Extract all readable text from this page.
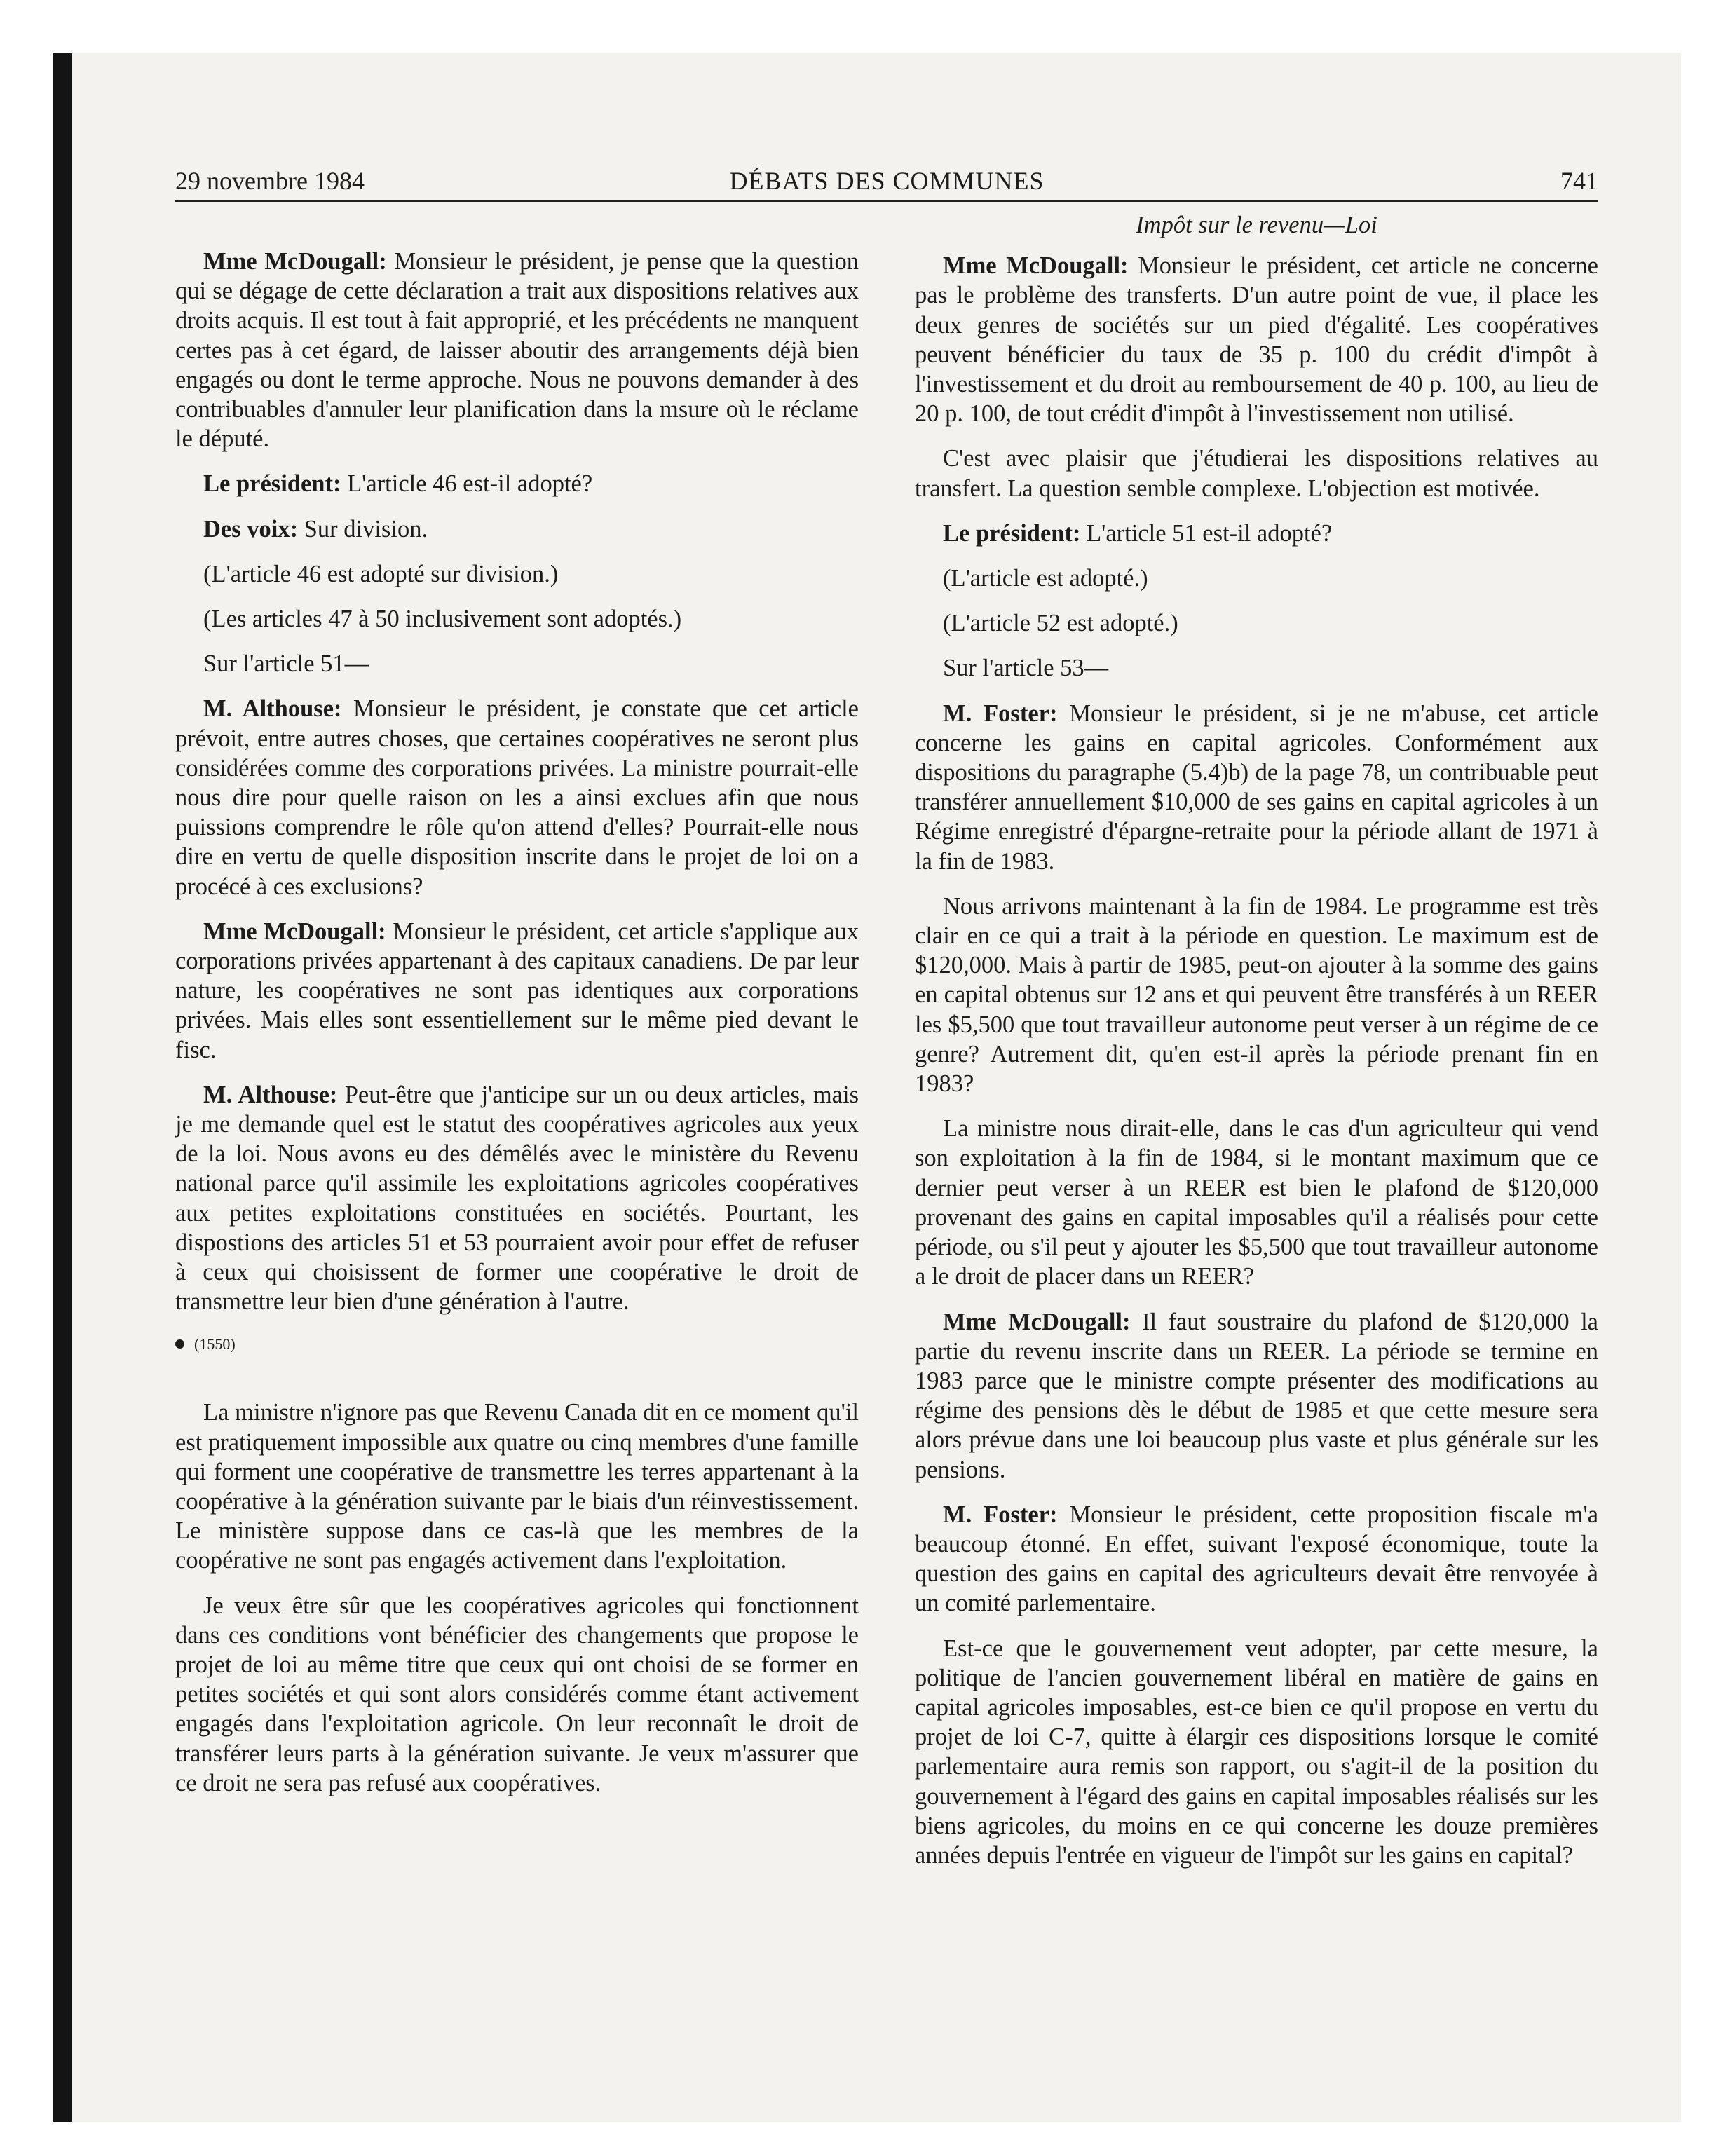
29 novembre 1984	DÉBATS DES COMMUNES	741

Mme McDougall: Monsieur le président, je pense que la question qui se dégage de cette déclaration a trait aux dispositions relatives aux droits acquis. Il est tout à fait approprié, et les précédents ne manquent certes pas à cet égard, de laisser aboutir des arrangements déjà bien engagés ou dont le terme approche. Nous ne pouvons demander à des contribuables d'annuler leur planification dans la msure où le réclame le député.

Le président: L'article 46 est-il adopté?

Des voix: Sur division.

(L'article 46 est adopté sur division.)

(Les articles 47 à 50 inclusivement sont adoptés.)

Sur l'article 51—

M. Althouse: Monsieur le président, je constate que cet article prévoit, entre autres choses, que certaines coopératives ne seront plus considérées comme des corporations privées. La ministre pourrait-elle nous dire pour quelle raison on les a ainsi exclues afin que nous puissions comprendre le rôle qu'on attend d'elles? Pourrait-elle nous dire en vertu de quelle disposition inscrite dans le projet de loi on a procécé à ces exclusions?

Mme McDougall: Monsieur le président, cet article s'applique aux corporations privées appartenant à des capitaux canadiens. De par leur nature, les coopératives ne sont pas identiques aux corporations privées. Mais elles sont essentiellement sur le même pied devant le fisc.

M. Althouse: Peut-être que j'anticipe sur un ou deux articles, mais je me demande quel est le statut des coopératives agricoles aux yeux de la loi. Nous avons eu des démêlés avec le ministère du Revenu national parce qu'il assimile les exploitations agricoles coopératives aux petites exploitations constituées en sociétés. Pourtant, les dispostions des articles 51 et 53 pourraient avoir pour effet de refuser à ceux qui choisissent de former une coopérative le droit de transmettre leur bien d'une génération à l'autre.

(1550)

La ministre n'ignore pas que Revenu Canada dit en ce moment qu'il est pratiquement impossible aux quatre ou cinq membres d'une famille qui forment une coopérative de transmettre les terres appartenant à la coopérative à la génération suivante par le biais d'un réinvestissement. Le ministère suppose dans ce cas-là que les membres de la coopérative ne sont pas engagés activement dans l'exploitation.

Je veux être sûr que les coopératives agricoles qui fonctionnent dans ces conditions vont bénéficier des changements que propose le projet de loi au même titre que ceux qui ont choisi de se former en petites sociétés et qui sont alors considérés comme étant activement engagés dans l'exploitation agricole. On leur reconnaît le droit de transférer leurs parts à la génération suivante. Je veux m'assurer que ce droit ne sera pas refusé aux coopératives.

Impôt sur le revenu—Loi

Mme McDougall: Monsieur le président, cet article ne concerne pas le problème des transferts. D'un autre point de vue, il place les deux genres de sociétés sur un pied d'égalité. Les coopératives peuvent bénéficier du taux de 35 p. 100 du crédit d'impôt à l'investissement et du droit au remboursement de 40 p. 100, au lieu de 20 p. 100, de tout crédit d'impôt à l'investissement non utilisé.

C'est avec plaisir que j'étudierai les dispositions relatives au transfert. La question semble complexe. L'objection est motivée.

Le président: L'article 51 est-il adopté?

(L'article est adopté.)

(L'article 52 est adopté.)

Sur l'article 53—

M. Foster: Monsieur le président, si je ne m'abuse, cet article concerne les gains en capital agricoles. Conformément aux dispositions du paragraphe (5.4)b) de la page 78, un contribuable peut transférer annuellement $10,000 de ses gains en capital agricoles à un Régime enregistré d'épargne-retraite pour la période allant de 1971 à la fin de 1983.

Nous arrivons maintenant à la fin de 1984. Le programme est très clair en ce qui a trait à la période en question. Le maximum est de $120,000. Mais à partir de 1985, peut-on ajouter à la somme des gains en capital obtenus sur 12 ans et qui peuvent être transférés à un REER les $5,500 que tout travailleur autonome peut verser à un régime de ce genre? Autrement dit, qu'en est-il après la période prenant fin en 1983?

La ministre nous dirait-elle, dans le cas d'un agriculteur qui vend son exploitation à la fin de 1984, si le montant maximum que ce dernier peut verser à un REER est bien le plafond de $120,000 provenant des gains en capital imposables qu'il a réalisés pour cette période, ou s'il peut y ajouter les $5,500 que tout travailleur autonome a le droit de placer dans un REER?

Mme McDougall: Il faut soustraire du plafond de $120,000 la partie du revenu inscrite dans un REER. La période se termine en 1983 parce que le ministre compte présenter des modifications au régime des pensions dès le début de 1985 et que cette mesure sera alors prévue dans une loi beaucoup plus vaste et plus générale sur les pensions.

M. Foster: Monsieur le président, cette proposition fiscale m'a beaucoup étonné. En effet, suivant l'exposé économique, toute la question des gains en capital des agriculteurs devait être renvoyée à un comité parlementaire.

Est-ce que le gouvernement veut adopter, par cette mesure, la politique de l'ancien gouvernement libéral en matière de gains en capital agricoles imposables, est-ce bien ce qu'il propose en vertu du projet de loi C-7, quitte à élargir ces dispositions lorsque le comité parlementaire aura remis son rapport, ou s'agit-il de la position du gouvernement à l'égard des gains en capital imposables réalisés sur les biens agricoles, du moins en ce qui concerne les douze premières années depuis l'entrée en vigueur de l'impôt sur les gains en capital?
